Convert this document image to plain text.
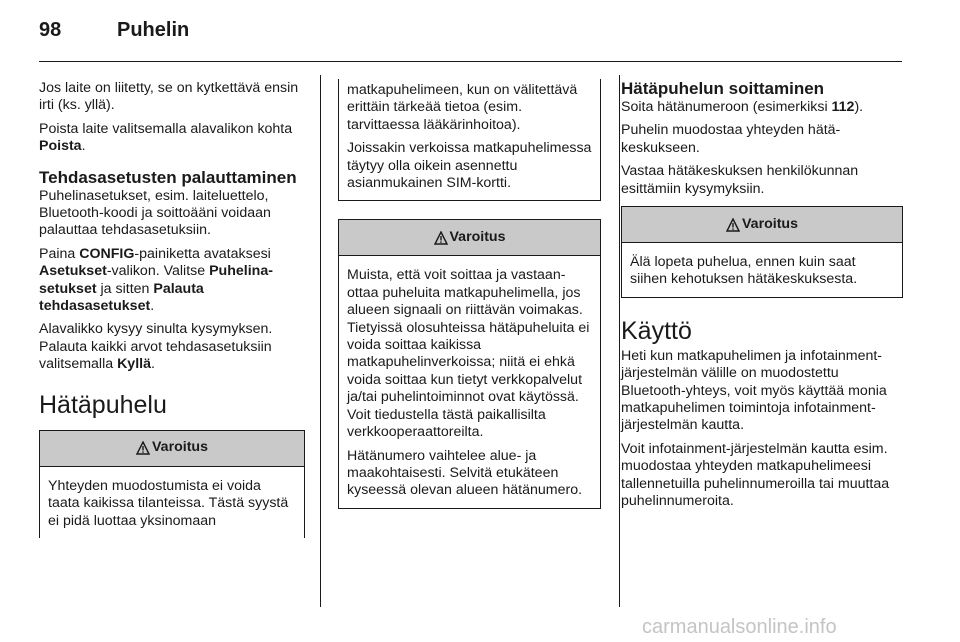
98	Puhelin

Jos laite on liitetty, se on kytkettävä ensin irti (ks. yllä).

Poista laite valitsemalla alavalikon kohta Poista.

Tehdasasetusten palauttaminen

Puhelinasetukset, esim. laiteluettelo, Bluetooth-koodi ja soittoääni voidaan palauttaa tehdasasetuksiin.

Paina CONFIG-painiketta avataksesi Asetukset-valikon. Valitse Puhelinasetukset ja sitten Palauta tehdasasetukset.

Alavalikko kysyy sinulta kysymyksen. Palauta kaikki arvot tehdasasetuksiin valitsemalla Kyllä.

Hätäpuhelu
Varoitus
Yhteyden muodostumista ei voida taata kaikissa tilanteissa. Tästä syystä ei pidä luottaa yksinomaan

matkapuhelimeen, kun on välitettävä erittäin tärkeää tietoa (esim. tarvittaessa lääkärinhoitoa).

Joissakin verkoissa matkapuhelimessa täytyy olla oikein asennettu asianmukainen SIM-kortti.

Varoitus

Muista, että voit soittaa ja vastaanottaa puheluita matkapuhelimella, jos alueen signaali on riittävän voimakas. Tietyissä olosuhteissa hätäpuheluita ei voida soittaa kaikissa matkapuhelinverkoissa; niitä ei ehkä voida soittaa kun tietyt verkkopalvelut ja/tai puhelintoiminnot ovat käytössä. Voit tiedustella tästä paikallisilta verkkooperaattoreilta.

Hätänumero vaihtelee alue- ja maakohtaisesti. Selvitä etukäteen kyseessä olevan alueen hätänumero.

Hätäpuhelun soittaminen

Soita hätänumeroon (esimerkiksi 112).

Puhelin muodostaa yhteyden hätäkeskukseen.

Vastaa hätäkeskuksen henkilökunnan esittämiin kysymyksiin.

Varoitus
Älä lopeta puhelua, ennen kuin saat siihen kehotuksen hätäkeskuksesta.
Käyttö

Heti kun matkapuhelimen ja infotainment-järjestelmän välille on muodostettu Bluetooth-yhteys, voit myös käyttää monia matkapuhelimen toimintoja infotainment-järjestelmän kautta.

Voit infotainment-järjestelmän kautta esim. muodostaa yhteyden matkapuhelimeesi tallennetuilla puhelinnumeroilla tai muuttaa puhelinnumeroita.

carmanualsonline.info
